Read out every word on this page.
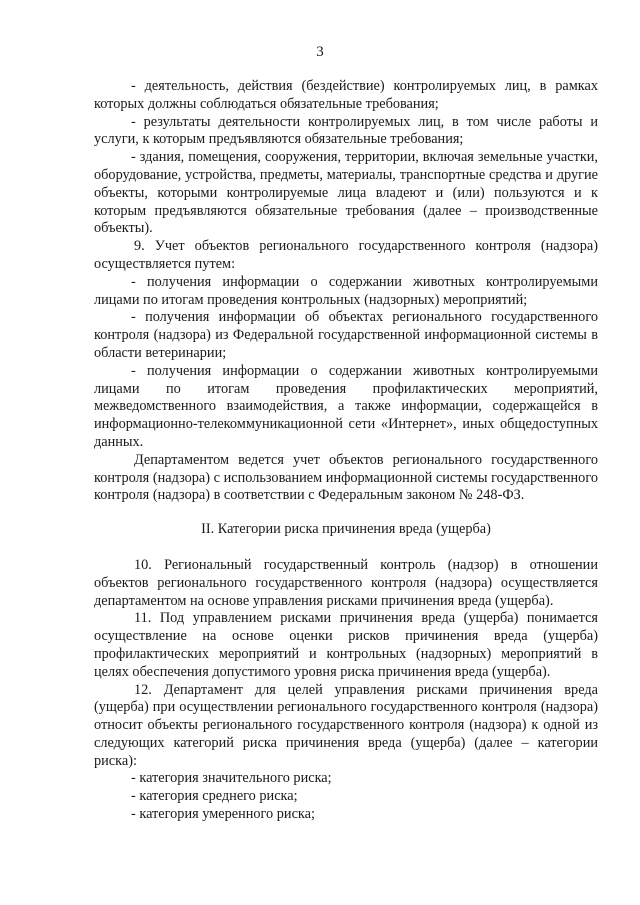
3

- деятельность, действия (бездействие) контролируемых лиц, в рамках которых должны соблюдаться обязательные требования;

- результаты деятельности контролируемых лиц, в том числе работы и услуги, к которым предъявляются обязательные требования;

- здания, помещения, сооружения, территории, включая земельные участки, оборудование, устройства, предметы, материалы, транспортные средства и другие объекты, которыми контролируемые лица владеют и (или) пользуются и к которым предъявляются обязательные требования (далее – производственные объекты).

9. Учет объектов регионального государственного контроля (надзора) осуществляется путем:

- получения информации о содержании животных контролируемыми лицами по итогам проведения контрольных (надзорных) мероприятий;

- получения информации об объектах регионального государственного контроля (надзора) из Федеральной государственной информационной системы в области ветеринарии;

- получения информации о содержании животных контролируемыми лицами по итогам проведения профилактических мероприятий, межведомственного взаимодействия, а также информации, содержащейся в информационно-телекоммуникационной сети «Интернет», иных общедоступных данных.

Департаментом ведется учет объектов регионального государственного контроля (надзора) с использованием информационной системы государственного контроля (надзора) в соответствии с Федеральным законом № 248-ФЗ.

II. Категории риска причинения вреда (ущерба)

10. Региональный государственный контроль (надзор) в отношении объектов регионального государственного контроля (надзора) осуществляется департаментом на основе управления рисками причинения вреда (ущерба).

11. Под управлением рисками причинения вреда (ущерба) понимается осуществление на основе оценки рисков причинения вреда (ущерба) профилактических мероприятий и контрольных (надзорных) мероприятий в целях обеспечения допустимого уровня риска причинения вреда (ущерба).

12. Департамент для целей управления рисками причинения вреда (ущерба) при осуществлении регионального государственного контроля (надзора) относит объекты регионального государственного контроля (надзора) к одной из следующих категорий риска причинения вреда (ущерба) (далее – категории риска):

- категория значительного риска;

- категория среднего риска;

- категория умеренного риска;
